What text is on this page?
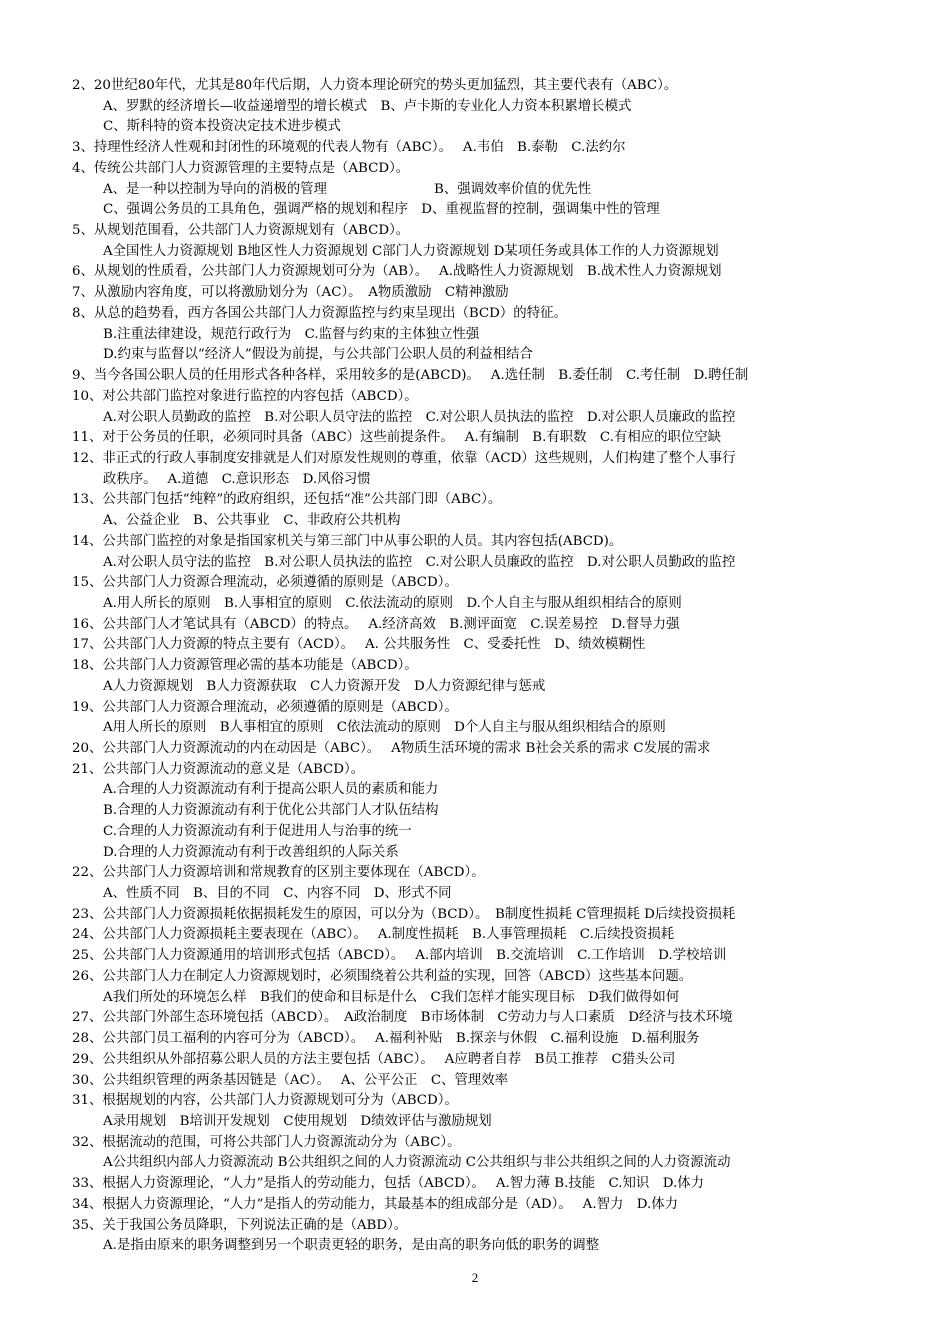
2、20世纪80年代，尤其是80年代后期，人力资本理论研究的势头更加猛烈，其主要代表有（ABC）。
A、罗默的经济增长—收益递增型的增长模式　B、卢卡斯的专业化人力资本积累增长模式
C、斯科特的资本投资决定技术进步模式
3、持理性经济人性观和封闭性的环境观的代表人物有（ABC）。　 A.韦伯　B.泰勒　C.法约尔
4、传统公共部门人力资源管理的主要特点是（ABCD）。
A、是一种以控制为导向的消极的管理　　　　　　　　B、强调效率价值的优先性
C、强调公务员的工具角色，强调严格的规划和程序　D、重视监督的控制，强调集中性的管理
5、从规划范围看，公共部门人力资源规划有（ABCD）。
A全国性人力资源规划 B地区性人力资源规划 C部门人力资源规划 D某项任务或具体工作的人力资源规划
6、从规划的性质看，公共部门人力资源规划可分为（AB）。　 A.战略性人力资源规划　B.战术性人力资源规划
7、从激励内容角度，可以将激励划分为（AC）。　A物质激励　C精神激励
8、从总的趋势看，西方各国公共部门人力资源监控与约束呈现出（BCD）的特征。
B.注重法律建设，规范行政行为　C.监督与约束的主体独立性强
D.约束与监督以“经济人”假设为前提，与公共部门公职人员的利益相结合
9、当今各国公职人员的任用形式各种各样，采用较多的是(ABCD)。　 A.选任制　B.委任制　C.考任制　D.聘任制
10、对公共部门监控对象进行监控的内容包括（ABCD）。
A.对公职人员勤政的监控　B.对公职人员守法的监控　C.对公职人员执法的监控　D.对公职人员廉政的监控
11、对于公务员的任职，必须同时具备（ABC）这些前提条件。　 A.有编制　B.有职数　C.有相应的职位空缺
12、非正式的行政人事制度安排就是人们对原发性规则的尊重，依靠（ACD）这些规则，人们构建了整个人事行
政秩序。　 A.道德　C.意识形态　D.风俗习惯
13、公共部门包括“纯粹”的政府组织，还包括“准”公共部门即（ABC）。
A、公益企业　B、公共事业　C、非政府公共机构
14、公共部门监控的对象是指国家机关与第三部门中从事公职的人员。其内容包括(ABCD)。
A.对公职人员守法的监控　B.对公职人员执法的监控　C.对公职人员廉政的监控　D.对公职人员勤政的监控
15、公共部门人力资源合理流动，必须遵循的原则是（ABCD）。
A.用人所长的原则　B.人事相宜的原则　C.依法流动的原则　D.个人自主与服从组织相结合的原则
16、公共部门人才笔试具有（ABCD）的特点。　 A.经济高效　B.测评面宽　C.误差易控　D.督导力强
17、公共部门人力资源的特点主要有（ACD）。　 A. 公共服务性　C、受委托性　D、绩效模糊性
18、公共部门人力资源管理必需的基本功能是（ABCD）。
A人力资源规划　B人力资源获取　C人力资源开发　D人力资源纪律与惩戒
19、公共部门人力资源合理流动，必须遵循的原则是（ABCD）。
A用人所长的原则　B人事相宜的原则　C依法流动的原则　D个人自主与服从组织相结合的原则
20、公共部门人力资源流动的内在动因是（ABC）。　 A物质生活环境的需求 B社会关系的需求 C发展的需求
21、公共部门人力资源流动的意义是（ABCD）。
A.合理的人力资源流动有利于提高公职人员的素质和能力
B.合理的人力资源流动有利于优化公共部门人才队伍结构
C.合理的人力资源流动有利于促进用人与治事的统一
D.合理的人力资源流动有利于改善组织的人际关系
22、公共部门人力资源培训和常规教育的区别主要体现在（ABCD）。
A、性质不同　B、目的不同　C、内容不同　D、形式不同
23、公共部门人力资源损耗依据损耗发生的原因，可以分为（BCD）。　B制度性损耗 C管理损耗 D后续投资损耗
24、公共部门人力资源损耗主要表现在（ABC）。　 A.制度性损耗　B.人事管理损耗　C.后续投资损耗
25、公共部门人力资源通用的培训形式包括（ABCD）。　 A.部内培训　B.交流培训　C.工作培训　D.学校培训
26、公共部门人力在制定人力资源规划时，必须围绕着公共利益的实现，回答（ABCD）这些基本问题。
A我们所处的环境怎么样　B我们的使命和目标是什么　C我们怎样才能实现目标　D我们做得如何
27、公共部门外部生态环境包括（ABCD）。　A政治制度　B市场体制　C劳动力与人口素质　D经济与技术环境
28、公共部门员工福利的内容可分为（ABCD）。　 A.福利补贴　B.探亲与休假　C.福利设施　D.福利服务
29、公共组织从外部招募公职人员的方法主要包括（ABC）。　 A应聘者自荐　B员工推荐　C猎头公司
30、公共组织管理的两条基因链是（AC）。　 A、公平公正　C、管理效率
31、根据规划的内容，公共部门人力资源规划可分为（ABCD）。
A录用规划　B培训开发规划　C使用规划　D绩效评估与激励规划
32、根据流动的范围，可将公共部门人力资源流动分为（ABC）。
A公共组织内部人力资源流动 B公共组织之间的人力资源流动 C公共组织与非公共组织之间的人力资源流动
33、根据人力资源理论，“人力”是指人的劳动能力，包括（ABCD）。　 A.智力薄 B.技能　C.知识　D.体力
34、根据人力资源理论，“人力”是指人的劳动能力，其最基本的组成部分是（AD）。　 A.智力　D.体力
35、关于我国公务员降职，下列说法正确的是（ABD）。
A.是指由原来的职务调整到另一个职责更轻的职务，是由高的职务向低的职务的调整
2
